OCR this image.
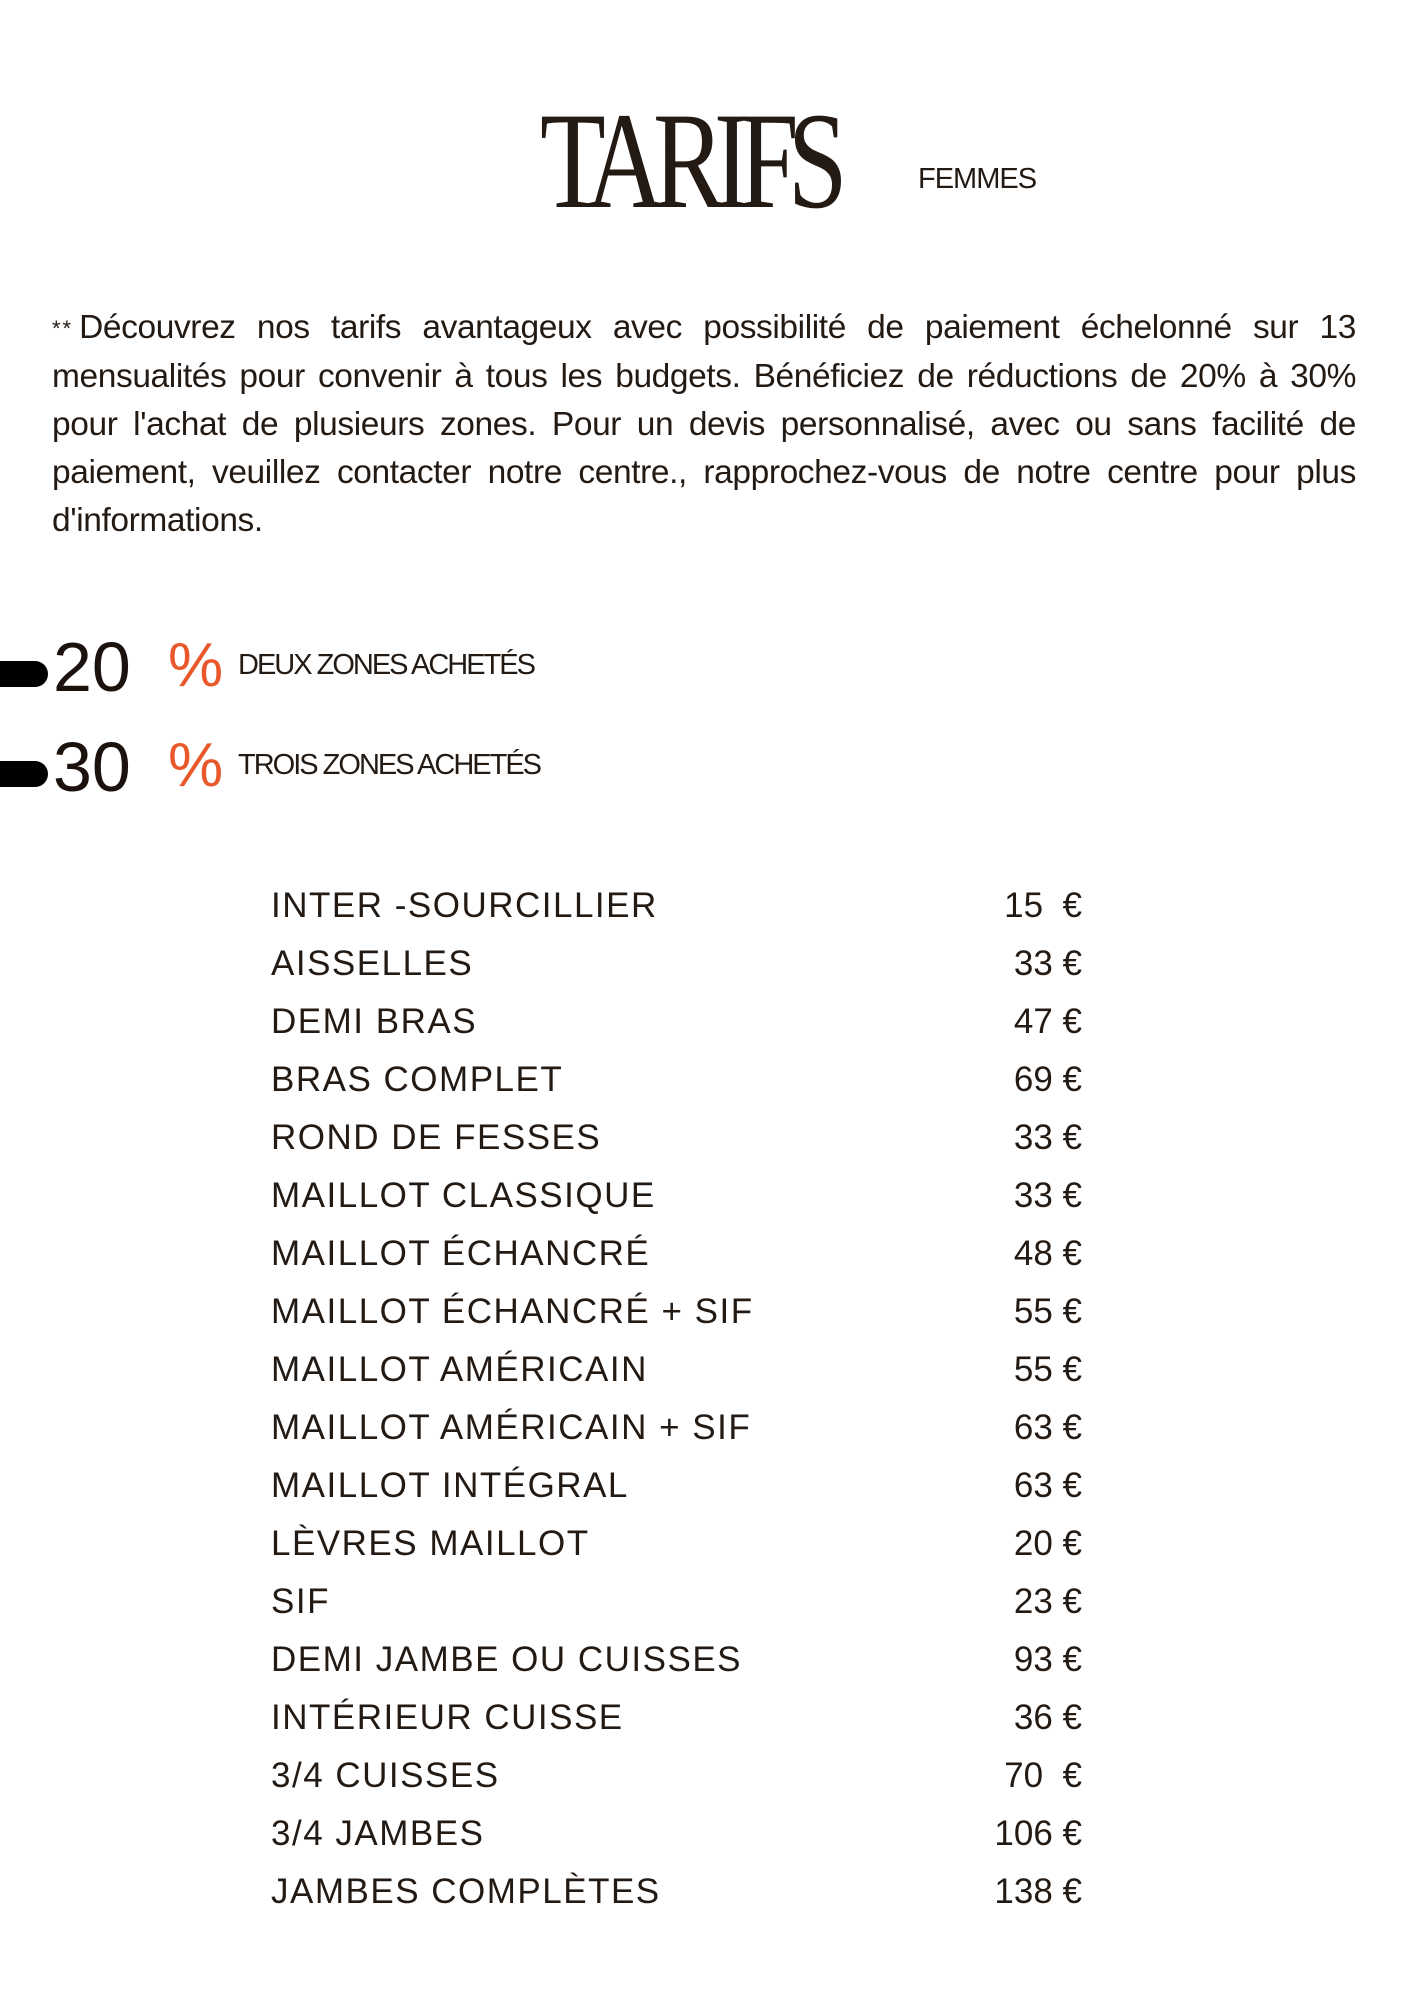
TARIFS	FEMMES

** Découvrez nos tarifs avantageux avec possibilité de paiement échelonné sur 13 mensualités pour convenir à tous les budgets. Bénéficiez de réductions de 20% à 30% pour l'achat de plusieurs zones. Pour un devis personnalisé, avec ou sans facilité de paiement, veuillez contacter notre centre., rapprochez-vous de notre centre pour plus d'informations.

20 % DEUX ZONES ACHETÉS
30 % TROIS ZONES ACHETÉS
INTER -SOURCILLIER	15  €
AISSELLES	33 €
DEMI BRAS	47 €
BRAS COMPLET	69 €
ROND DE FESSES	33 €
MAILLOT CLASSIQUE	33 €
MAILLOT ÉCHANCRÉ	48 €
MAILLOT ÉCHANCRÉ + SIF	55 €
MAILLOT AMÉRICAIN	55 €
MAILLOT AMÉRICAIN + SIF	63 €
MAILLOT INTÉGRAL	63 €
LÈVRES MAILLOT	20 €
SIF	23 €
DEMI JAMBE OU CUISSES	93 €
INTÉRIEUR CUISSE	36 €
3/4 CUISSES	70  €
3/4 JAMBES	106 €
JAMBES COMPLÈTES	138 €
